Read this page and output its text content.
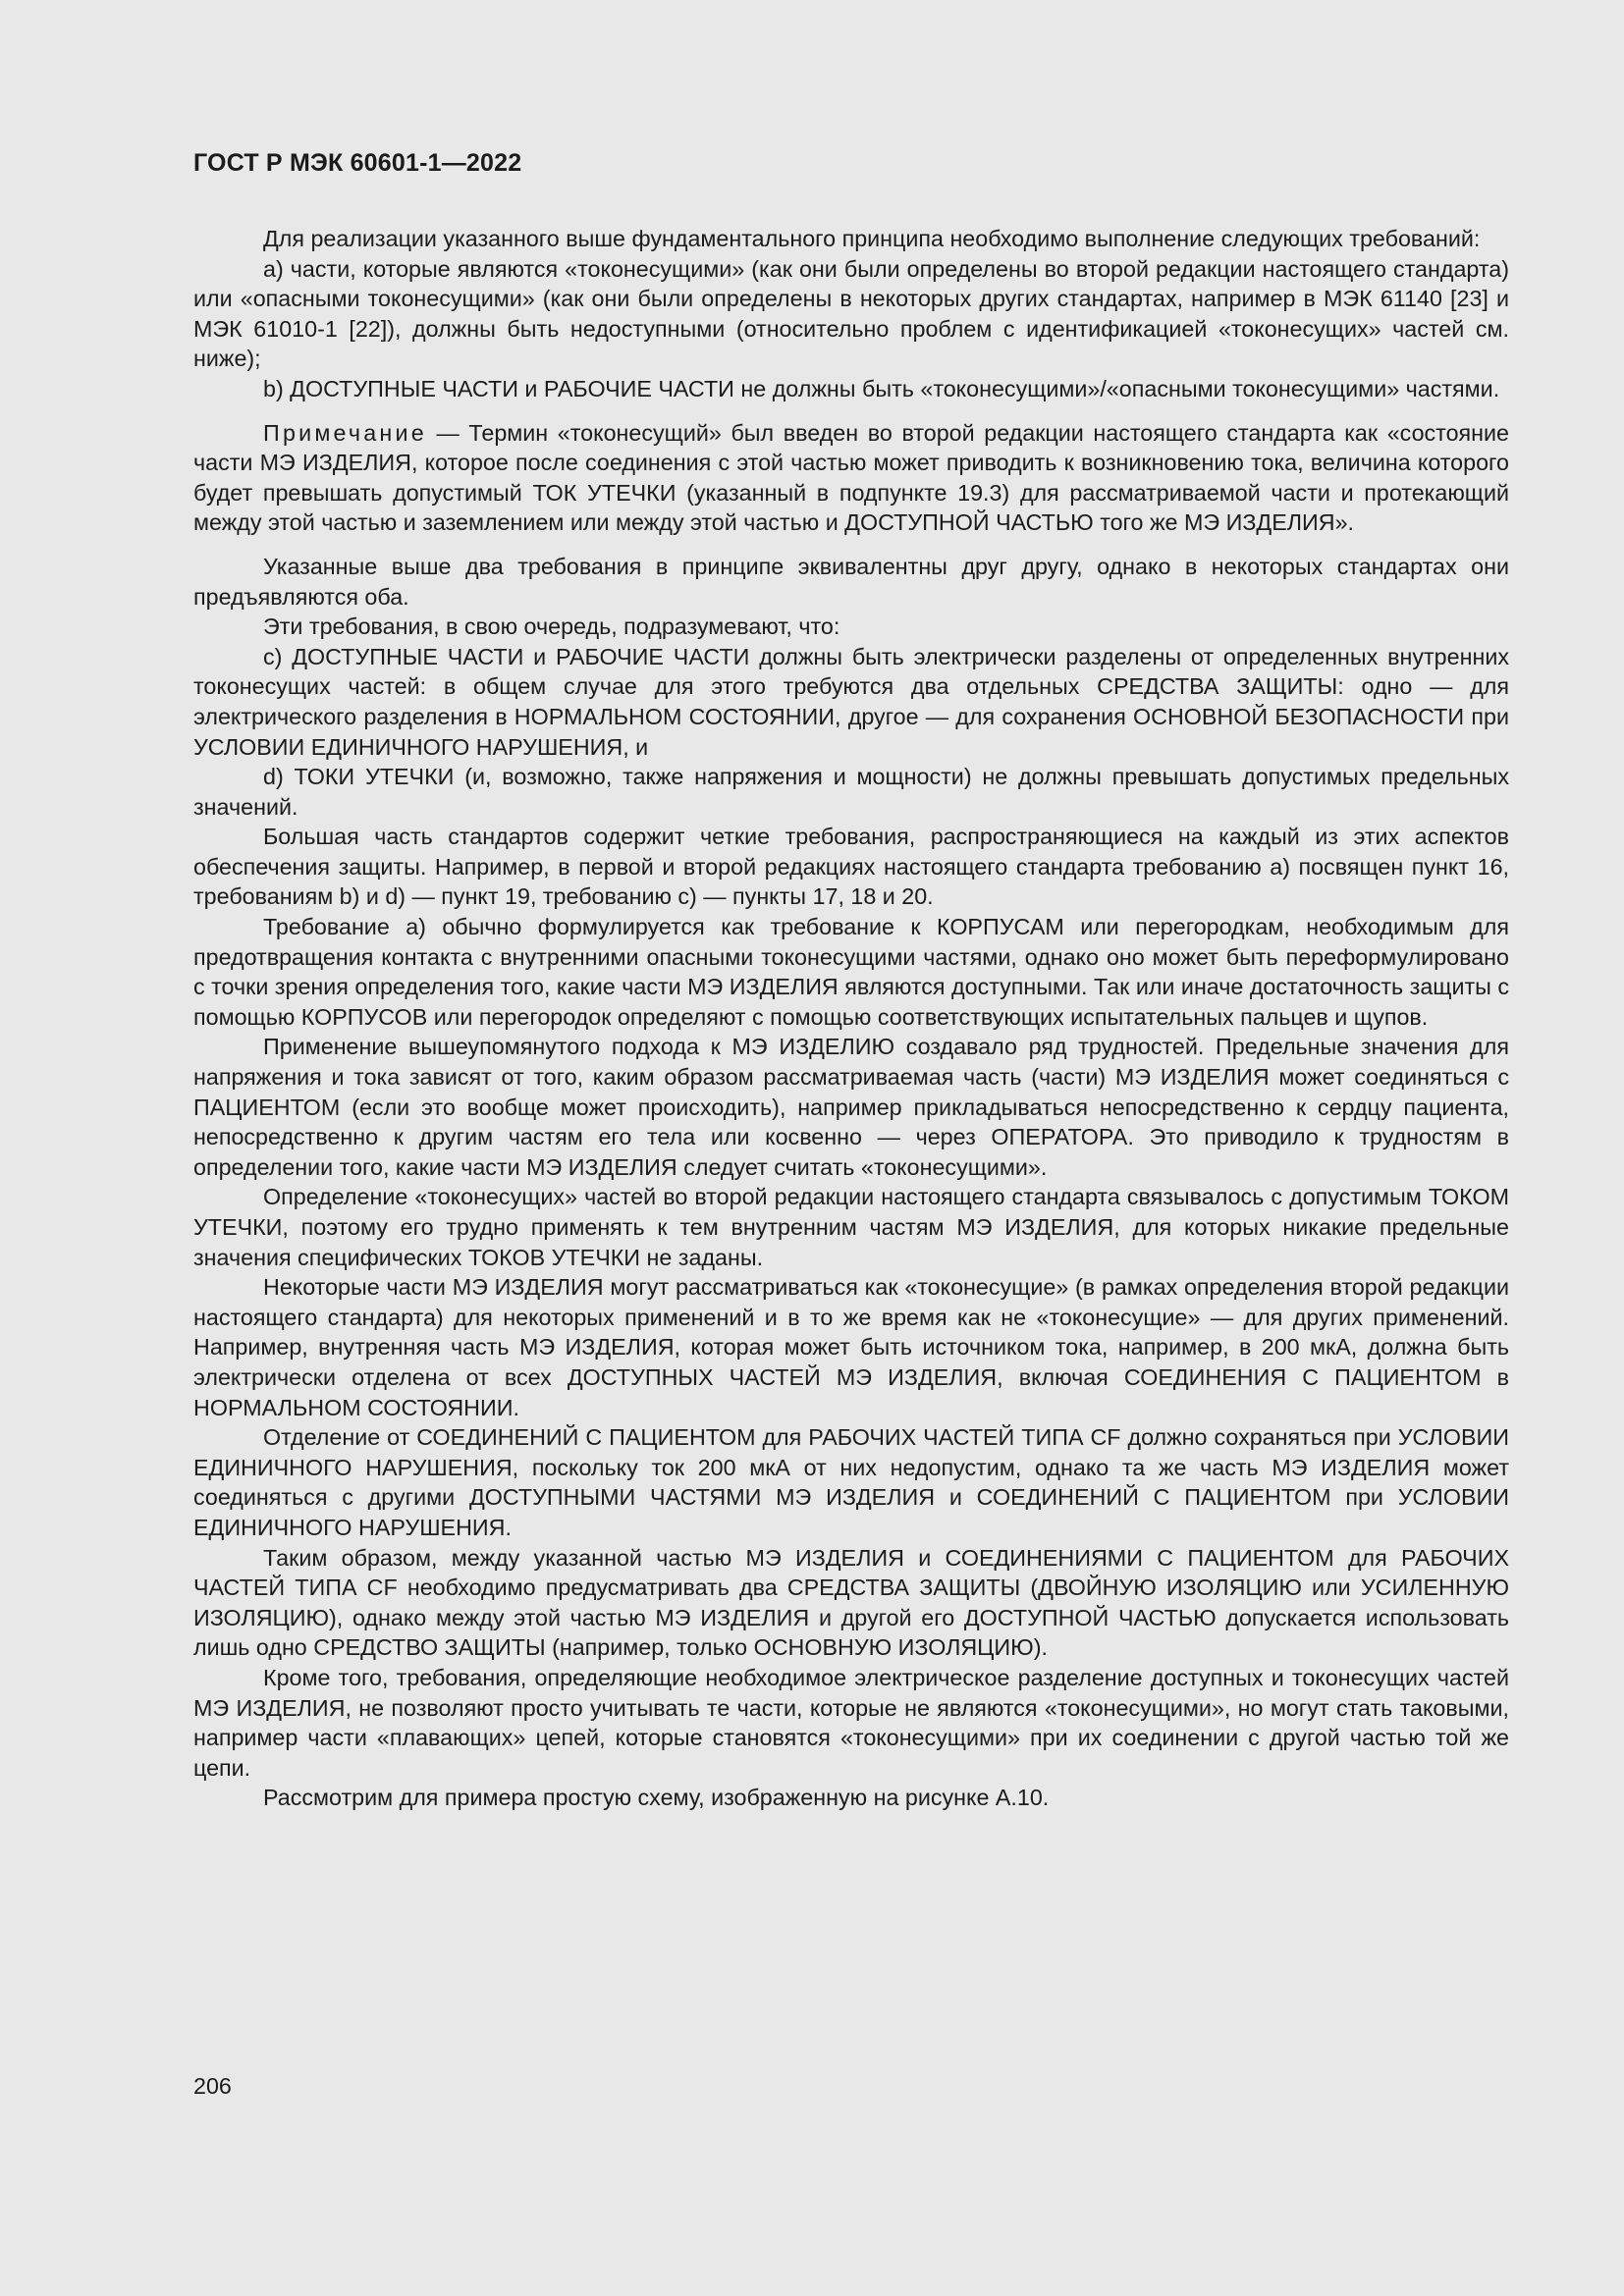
ГОСТ Р МЭК 60601-1—2022

Для реализации указанного выше фундаментального принципа необходимо выполнение следующих требований:

a) части, которые являются «токонесущими» (как они были определены во второй редакции настоящего стандарта) или «опасными токонесущими» (как они были определены в некоторых других стандартах, например в МЭК 61140 [23] и МЭК 61010-1 [22]), должны быть недоступными (относительно проблем с идентификацией «токонесущих» частей см. ниже);

b) ДОСТУПНЫЕ ЧАСТИ и РАБОЧИЕ ЧАСТИ не должны быть «токонесущими»/«опасными токонесущими» частями.

Примечание — Термин «токонесущий» был введен во второй редакции настоящего стандарта как «состояние части МЭ ИЗДЕЛИЯ, которое после соединения с этой частью может приводить к возникновению тока, величина которого будет превышать допустимый ТОК УТЕЧКИ (указанный в подпункте 19.3) для рассматриваемой части и протекающий между этой частью и заземлением или между этой частью и ДОСТУПНОЙ ЧАСТЬЮ того же МЭ ИЗДЕЛИЯ».

Указанные выше два требования в принципе эквивалентны друг другу, однако в некоторых стандартах они предъявляются оба.

Эти требования, в свою очередь, подразумевают, что:

c) ДОСТУПНЫЕ ЧАСТИ и РАБОЧИЕ ЧАСТИ должны быть электрически разделены от определенных внутренних токонесущих частей: в общем случае для этого требуются два отдельных СРЕДСТВА ЗАЩИТЫ: одно — для электрического разделения в НОРМАЛЬНОМ СОСТОЯНИИ, другое — для сохранения ОСНОВНОЙ БЕЗОПАСНОСТИ при УСЛОВИИ ЕДИНИЧНОГО НАРУШЕНИЯ, и

d) ТОКИ УТЕЧКИ (и, возможно, также напряжения и мощности) не должны превышать допустимых предельных значений.

Большая часть стандартов содержит четкие требования, распространяющиеся на каждый из этих аспектов обеспечения защиты. Например, в первой и второй редакциях настоящего стандарта требованию a) посвящен пункт 16, требованиям b) и d) — пункт 19, требованию c) — пункты 17, 18 и 20.

Требование a) обычно формулируется как требование к КОРПУСАМ или перегородкам, необходимым для предотвращения контакта с внутренними опасными токонесущими частями, однако оно может быть переформулировано с точки зрения определения того, какие части МЭ ИЗДЕЛИЯ являются доступными. Так или иначе достаточность защиты с помощью КОРПУСОВ или перегородок определяют с помощью соответствующих испытательных пальцев и щупов.

Применение вышеупомянутого подхода к МЭ ИЗДЕЛИЮ создавало ряд трудностей. Предельные значения для напряжения и тока зависят от того, каким образом рассматриваемая часть (части) МЭ ИЗДЕЛИЯ может соединяться с ПАЦИЕНТОМ (если это вообще может происходить), например прикладываться непосредственно к сердцу пациента, непосредственно к другим частям его тела или косвенно — через ОПЕРАТОРА. Это приводило к трудностям в определении того, какие части МЭ ИЗДЕЛИЯ следует считать «токонесущими».

Определение «токонесущих» частей во второй редакции настоящего стандарта связывалось с допустимым ТОКОМ УТЕЧКИ, поэтому его трудно применять к тем внутренним частям МЭ ИЗДЕЛИЯ, для которых никакие предельные значения специфических ТОКОВ УТЕЧКИ не заданы.

Некоторые части МЭ ИЗДЕЛИЯ могут рассматриваться как «токонесущие» (в рамках определения второй редакции настоящего стандарта) для некоторых применений и в то же время как не «токонесущие» — для других применений. Например, внутренняя часть МЭ ИЗДЕЛИЯ, которая может быть источником тока, например, в 200 мкА, должна быть электрически отделена от всех ДОСТУПНЫХ ЧАСТЕЙ МЭ ИЗДЕЛИЯ, включая СОЕДИНЕНИЯ С ПАЦИЕНТОМ в НОРМАЛЬНОМ СОСТОЯНИИ.

Отделение от СОЕДИНЕНИЙ С ПАЦИЕНТОМ для РАБОЧИХ ЧАСТЕЙ ТИПА CF должно сохраняться при УСЛОВИИ ЕДИНИЧНОГО НАРУШЕНИЯ, поскольку ток 200 мкА от них недопустим, однако та же часть МЭ ИЗДЕЛИЯ может соединяться с другими ДОСТУПНЫМИ ЧАСТЯМИ МЭ ИЗДЕЛИЯ и СОЕДИНЕНИЙ С ПАЦИЕНТОМ при УСЛОВИИ ЕДИНИЧНОГО НАРУШЕНИЯ.

Таким образом, между указанной частью МЭ ИЗДЕЛИЯ и СОЕДИНЕНИЯМИ С ПАЦИЕНТОМ для РАБОЧИХ ЧАСТЕЙ ТИПА CF необходимо предусматривать два СРЕДСТВА ЗАЩИТЫ (ДВОЙНУЮ ИЗОЛЯЦИЮ или УСИЛЕННУЮ ИЗОЛЯЦИЮ), однако между этой частью МЭ ИЗДЕЛИЯ и другой его ДОСТУПНОЙ ЧАСТЬЮ допускается использовать лишь одно СРЕДСТВО ЗАЩИТЫ (например, только ОСНОВНУЮ ИЗОЛЯЦИЮ).

Кроме того, требования, определяющие необходимое электрическое разделение доступных и токонесущих частей МЭ ИЗДЕЛИЯ, не позволяют просто учитывать те части, которые не являются «токонесущими», но могут стать таковыми, например части «плавающих» цепей, которые становятся «токонесущими» при их соединении с другой частью той же цепи.

Рассмотрим для примера простую схему, изображенную на рисунке A.10.

206
